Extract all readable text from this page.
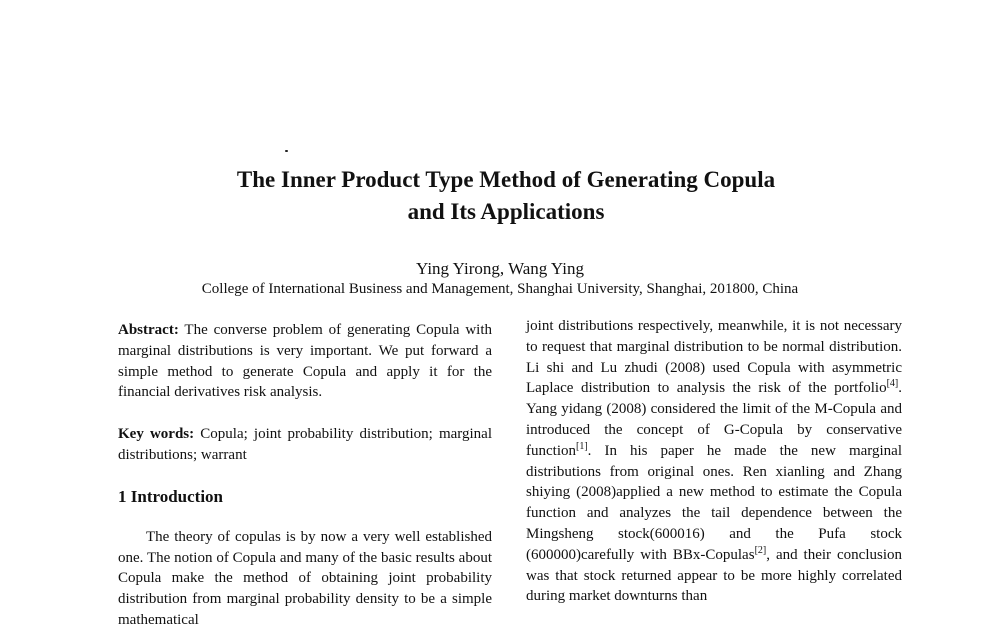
The Inner Product Type Method of Generating Copula
and Its Applications
Ying Yirong, Wang Ying
College of International Business and Management, Shanghai University, Shanghai, 201800, China

Abstract: The converse problem of generating Copula with marginal distributions is very important. We put forward a simple method to generate Copula and apply it for the financial derivatives risk analysis.

Key words: Copula; joint probability distribution; marginal distributions; warrant

1 Introduction

The theory of copulas is by now a very well established one. The notion of Copula and many of the basic results about Copula make the method of obtaining joint probability distribution from marginal probability density to be a simple mathematical

joint distributions respectively, meanwhile, it is not necessary to request that marginal distribution to be normal distribution. Li shi and Lu zhudi (2008) used Copula with asymmetric Laplace distribution to analysis the risk of the portfolio[4]. Yang yidang (2008) considered the limit of the M-Copula and introduced the concept of G-Copula by conservative function[1]. In his paper he made the new marginal distributions from original ones. Ren xianling and Zhang shiying (2008)applied a new method to estimate the Copula function and analyzes the tail dependence between the Mingsheng stock(600016) and the Pufa stock (600000)carefully with BBx-Copulas[2], and their conclusion was that stock returned appear to be more highly correlated during market downturns than
